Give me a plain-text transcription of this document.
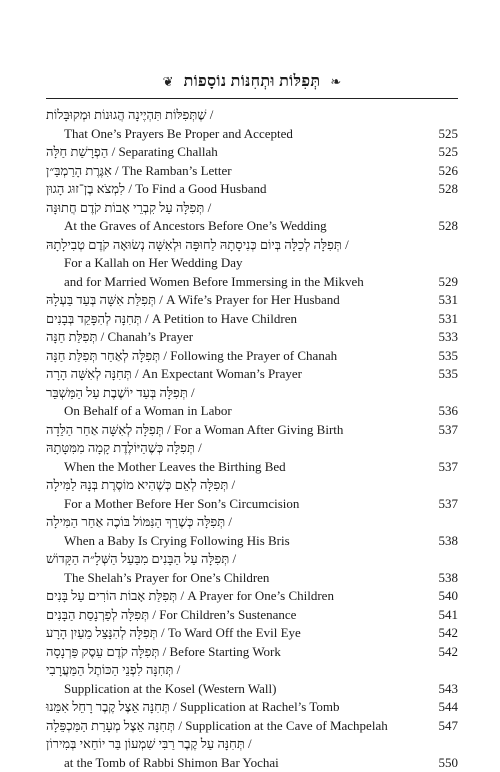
❦ תְּפִלּוֹת וּתְחִנּוֹת נוֹסָפוֹת ❧
שֶׁתְּפִלּוֹת תִּהְיֶינָה הֲגוּנוֹת וּמְקוּבָּלוֹת /
That One’s Prayers Be Proper and Accepted	525
הַפְרָשַׁת חַלָּה / Separating Challah	525
אִגֶּרֶת הָרַמְבַּ״ן / The Ramban’s Letter	526
לִמְצֹא בֶן־זוּג הָגוּן / To Find a Good Husband	528
תְּפִלָּה עַל קִבְרֵי אָבוֹת קֹדֶם חֲתוּנָּה /
At the Graves of Ancestors Before One’s Wedding	528
תְּפִלָּה לְכַלָּה בְּיוֹם כְּנִיסָתָהּ לַחוּפָּה וּלְאִשָּׁה נְשׂוּאָה קֹדֶם טְבִילָתָהּ /
For a Kallah on Her Wedding Day
and for Married Women Before Immersing in the Mikveh	529
תְּפִלַּת אִשָּׁה בְּעַד בַּעְלָהּ / A Wife’s Prayer for Her Husband	531
תְּחִנָּה לְהִפָּקֵד בְּבָנִים / A Petition to Have Children	531
תְּפִלַּת חַנָּה / Chanah’s Prayer	533
תְּפִלָּה לְאַחַר תְּפִלַּת חַנָּה / Following the Prayer of Chanah	535
תְּחִנָּה לְאִשָּׁה הָרָה / An Expectant Woman’s Prayer	535
תְּפִלָּה בְּעַד יוֹשֶׁבֶת עַל הַמַּשְׁבֵּר /
On Behalf of a Woman in Labor	536
תְּפִלָּה לְאִשָּׁה אַחַר הַלֵּדָה / For a Woman After Giving Birth	537
תְּפִלָּה כְּשֶׁהַיּוֹלֶדֶת קָמָה מִמִּטָּתָהּ /
When the Mother Leaves the Birthing Bed	537
תְּפִלָּה לְאֵם כְּשֶׁהִיא מוֹסֶרֶת בְּנָהּ לַמִּילָה /
For a Mother Before Her Son’s Circumcision	537
תְּפִלָּה כְּשֶׁרַךְ הַנִּמּוֹל בּוֹכֶה אַחַר הַמִּילָה /
When a Baby Is Crying Following His Bris	538
תְּפִלָּה עַל הַבָּנִים מִבַּעַל הַשְּׁלָ״ה הַקָּדוֹשׁ /
The Shelah’s Prayer for One’s Children	538
תְּפִלַּת אָבוֹת הוֹרִים עַל בָּנִים / A Prayer for One’s Children	540
תְּפִלָּה לְפַרְנָסַת הַבָּנִים / For Children’s Sustenance	541
תְּפִלָּה לְהִנָּצֵל מֵעַיִן הָרָע / To Ward Off the Evil Eye	542
תְּפִלָּה קֹדֶם עֵסֶק פַּרְנָסָה / Before Starting Work	542
תְּחִנָּה לִפְנֵי הַכּוֹתֶל הַמַּעֲרָבִי /
Supplication at the Kosel (Western Wall)	543
תְּחִנָּה אֵצֶל קֶבֶר רָחֵל אִמֵּנוּ / Supplication at Rachel’s Tomb	544
תְּחִנָּה אֵצֶל מְעָרַת הַמַּכְפֵּלָה / Supplication at the Cave of Machpelah	547
תְּחִנָּה עַל קֶבֶר רַבִּי שִׁמְעוֹן בַּר יוֹחַאי בְּמִירוֹן /
at the Tomb of Rabbi Shimon Bar Yochai	550
